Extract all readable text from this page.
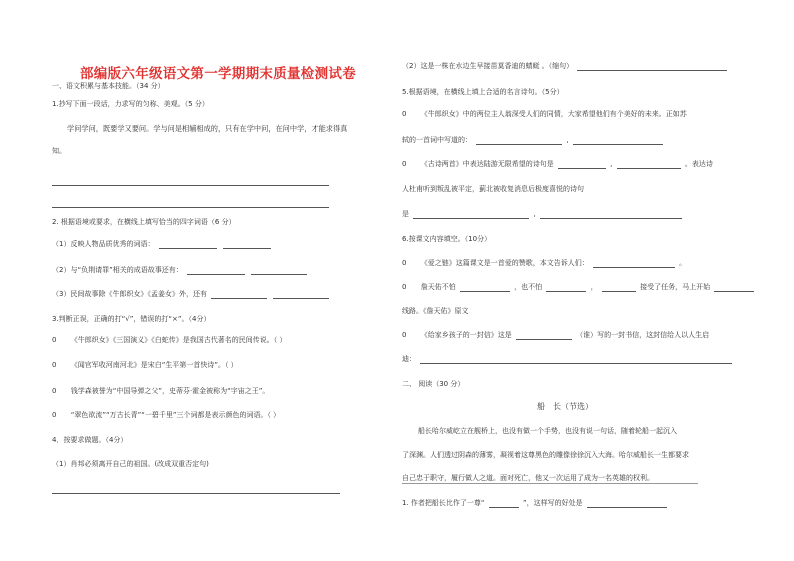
部编版六年级语文第一学期期末质量检测试卷
一、语文积累与基本技能。（34 分）
1.抄写下面一段话，力求写的匀称、美观。（5 分）
学问学问，既要学又要问。学与问是相辅相成的，只有在学中问，在问中学，才能求得真
知。
2. 根据语境或要求，在横线上填写恰当的四字词语（6 分）
（1）反映人物品质优秀的词语：
（2）与“负荆请罪”相关的成语故事还有：
（3）民间故事除《牛郎织女》《孟姜女》外，还有
3.判断正误，正确的打“√”，错误的打“×”。（4分）
0 《牛郎织女》《三国演义》《白蛇传》是我国古代著名的民间传说。（ ）
0 《闻官军收河南河北》是宋白“生平第一首快诗”。（ ）
0 钱学森被誉为“中国导弹之父”，史蒂芬·霍金被称为“宇宙之王”。
0 “翠色欲流”“万古长青”“一碧千里”三个词都是表示颜色的词语。（ ）
4．按要求做题。（4分）
（1）肖邦必须离开自己的祖国。(改成双重否定句)
（2）这是一株在水边生早接苗莫香迪的蜻蜓 。（缩句）
5.根据语境，在横线上填上合适的名言诗句。（5分）
0 《牛郎织女》中的两位主人翁深受人们的同情，大家希望他们有个美好的未来。正如苏
轼的一首词中写道的：	,
0 《古诗两首》中表达陆游无限希望的诗句是	,	。表达诗
人杜甫听到叛乱被平定，蓟北被收复消息后极度喜悦的诗句
是	,
6.按课文内容填空。（10分）
0 《爱之链》这篇课文是一首爱的赞歌，本文告诉人们：	。
0 詹天佑不怕	，也不怕	，	接受了任务，马上开始
线路。《詹天佑》原文
0 《给家乡孩子的一封信》这是	（谁）写的一封书信，这封信给人以人生启
迪：
二、 阅读（30 分）
船　长（节选）
船长哈尔威屹立在舰桥上，也没有做一个手势，也没有说一句话，随着轮船一起沉入
了深渊。人们透过阴森的薄雾，凝视着这尊黑色的雕像徐徐沉入大海。哈尔威船长一生都要求
自己忠于职守，履行做人之道。面对死亡，他又一次运用了成为一名英雄的权利。
1. 作者把船长比作了一尊“	”，这样写的好处是
